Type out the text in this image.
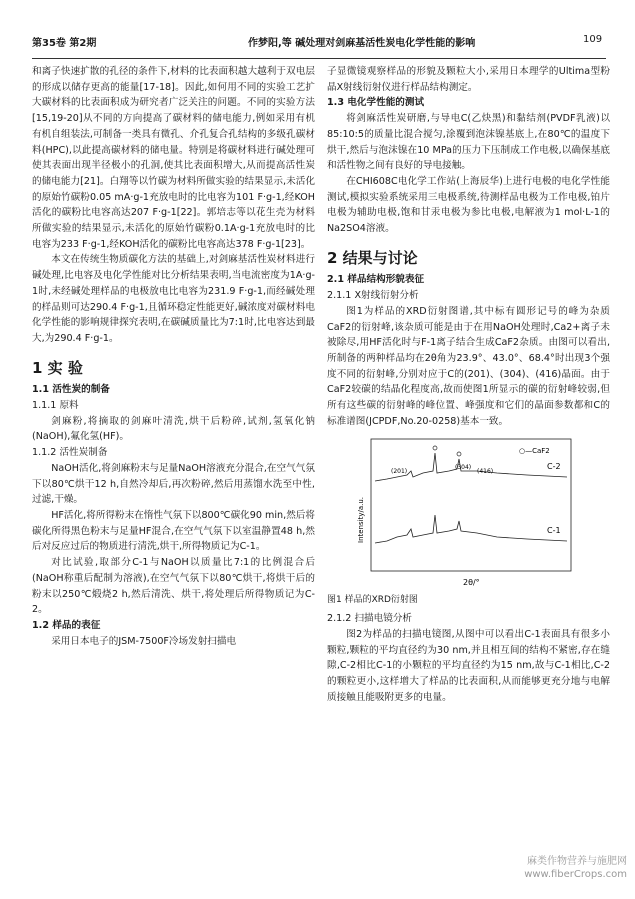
第35卷 第2期	作梦阳,等 碱处理对剑麻基活性炭电化学性能的影响	109

和离子快速扩散的孔径的条件下,材料的比表面积越大越利于双电层的形成以储存更高的能量[17-18]。因此,如何用不同的实验工艺扩大碳材料的比表面积成为研究者广泛关注的问题。不同的实验方法[15,19-20]从不同的方向提高了碳材料的储电能力,例如采用有机有机自组装法,可制备一类具有微孔、介孔复合孔结构的多级孔碳材料(HPC),以此提高碳材料的储电量。特别是将碳材料进行碱处理可使其表面出现半径极小的孔洞,使其比表面积增大,从而提高活性炭的储电能力[21]。白翔等以竹碳为材料所做实验的结果显示,未活化的原始竹碳粉0.05 mA·g-1充放电时的比电容为101 F·g-1,经KOH活化的碳粉比电容高达207 F·g-1[22]。郭培志等以花生壳为材料所做实验的结果显示,未活化的原始竹碳粉0.1A·g-1充放电时的比电容为233 F·g-1,经KOH活化的碳粉比电容高达378 F·g-1[23]。

本文在传统生物质碳化方法的基础上,对剑麻基活性炭材料进行碱处理,比电容及电化学性能对比分析结果表明,当电流密度为1A·g-1时,未经碱处理样品的电极放电比电容为231.9 F·g-1,而经碱处理的样品则可达290.4 F·g-1,且循环稳定性能更好,碱浓度对碳材料电化学性能的影响规律探究表明,在碳碱质量比为7:1时,比电容达到最大,为290.4 F·g-1。

1 实 验

1.1 活性炭的制备

1.1.1 原料

剑麻粉,将摘取的剑麻叶清洗,烘干后粉碎,试剂,氢氧化钠(NaOH),氟化氢(HF)。

1.1.2 活性炭制备

NaOH活化,将剑麻粉末与足量NaOH溶液充分混合,在空气气氛下以80℃烘干12 h,自然冷却后,再次粉碎,然后用蒸馏水洗至中性,过滤,干燥。

HF活化,将所得粉末在惰性气氛下以800℃碳化90 min,然后将碳化所得黑色粉末与足量HF混合,在空气气氛下以室温静置48 h,然后对反应过后的物质进行清洗,烘干,所得物质记为C-1。

对比试验,取部分C-1与NaOH以质量比7:1的比例混合后(NaOH称重后配制为溶液),在空气气氛下以80℃烘干,将烘干后的粉末以250℃煅烧2 h,然后清洗、烘干,将处理后所得物质记为C-2。

1.2 样品的表征

采用日本电子的JSM-7500F冷场发射扫描电

子显微镜观察样品的形貌及颗粒大小,采用日本理学的Ultima型粉晶X射线衍射仪进行样品结构测定。

1.3 电化学性能的测试

将剑麻活性炭研磨,与导电C(乙炔黑)和黏结剂(PVDF乳液)以85:10:5的质量比混合搅匀,涂覆到泡沫镍基底上,在80℃的温度下烘干,然后与泡沫镍在10 MPa的压力下压制成工作电极,以确保基底和活性物之间有良好的导电接触。

在CHI608C电化学工作站(上海辰华)上进行电极的电化学性能测试,模拟实验系统采用三电极系统,待测样品电极为工作电极,铂片电极为辅助电极,饱和甘汞电极为参比电极,电解液为1 mol·L-1的Na2SO4溶液。

2 结果与讨论

2.1 样品结构形貌表征

2.1.1 X射线衍射分析

图1为样品的XRD衍射图谱,其中标有圆形记号的峰为杂质CaF2的衍射峰,该杂质可能是由于在用NaOH处理时,Ca2+离子未被除尽,用HF活化时与F-1离子结合生成CaF2杂质。由图可以看出,所制备的两种样品均在2θ角为23.9°、43.0°、68.4°时出现3个强度不同的衍射峰,分别对应于C的(201)、(304)、(416)晶面。由于CaF2较碳的结晶化程度高,故而使图1所显示的碳的衍射峰较弱,但所有这些碳的衍射峰的峰位置、峰强度和它们的晶面参数都和C的标准谱图(JCPDF,No.20-0258)基本一致。

Intensity/a.u.
2θ/°
○—CaF2
C-2
C-1
(201)
(304)
(416)

图1 样品的XRD衍射图

2.1.2 扫描电镜分析

图2为样品的扫描电镜图,从图中可以看出C-1表面具有很多小颗粒,颗粒的平均直径约为30 nm,并且相互间的结构不紧密,存在缝隙,C-2相比C-1的小颗粒的平均直径约为15 nm,故与C-1相比,C-2的颗粒更小,这样增大了样品的比表面积,从而能够更充分地与电解质接触且能吸附更多的电量。

麻类作物营养与施肥网
www.fiberCrops.com
